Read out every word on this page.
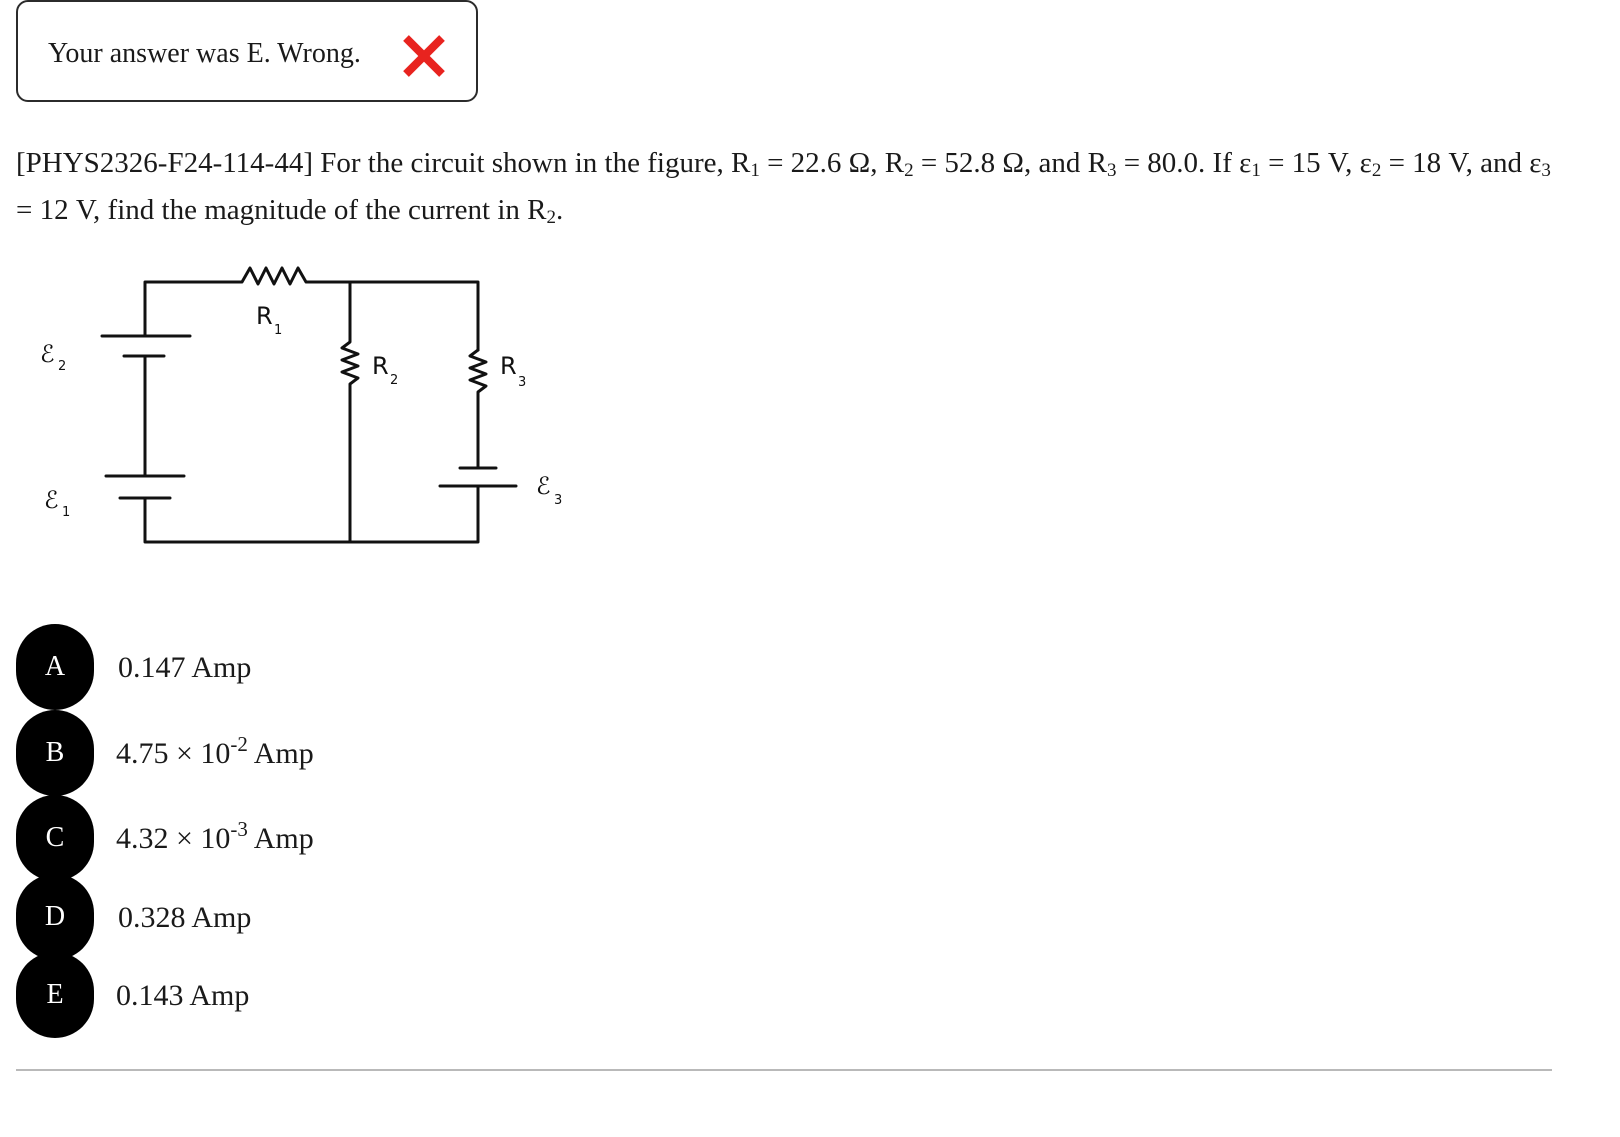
Your answer was E. Wrong.

[PHYS2326-F24-114-44] For the circuit shown in the figure, $R_1 = 22.6$ Ω, $R_2 = 52.8$ Ω, and $R_3 = 80.0$. If $\varepsilon_1 = 15$ V, $\varepsilon_2 = 18$ V, and $\varepsilon_3 = 12$ V, find the magnitude of the current in $R_2$.

R
1
R
2
R
3
ℰ 2
ℰ 1
ℰ
3
A	0.147 Amp
B	$4.75 \times 10^{-2}$ Amp
C	$4.32 \times 10^{-3}$ Amp
D	0.328 Amp
E	0.143 Amp
